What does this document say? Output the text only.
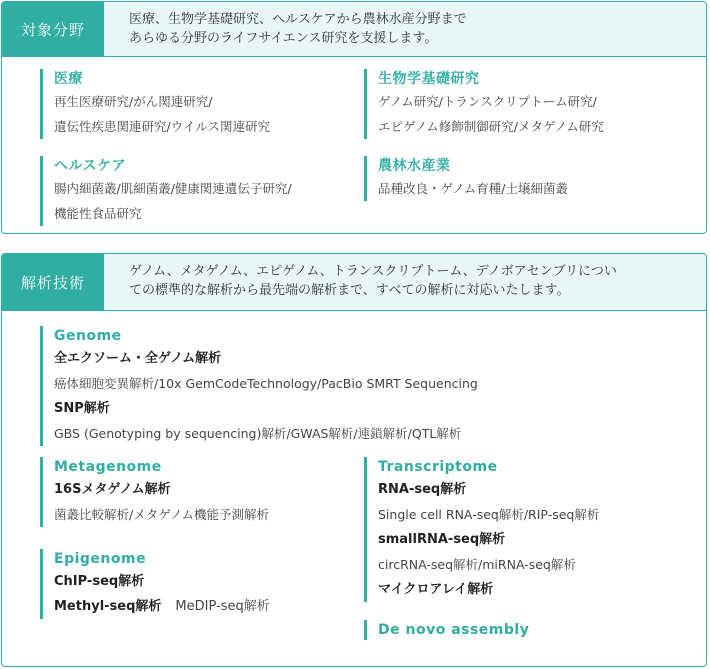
対象分野
医療、生物学基礎研究、ヘルスケアから農林水産分野まで
あらゆる分野のライフサイエンス研究を支援します。
医療
再生医療研究/がん関連研究/
遺伝性疾患関連研究/ウイルス関連研究
生物学基礎研究
ゲノム研究/トランスクリプトーム研究/
エピゲノム修飾制御研究/メタゲノム研究
ヘルスケア
腸内細菌叢/肌細菌叢/健康関連遺伝子研究/
機能性食品研究
農林水産業
品種改良・ゲノム育種/土壌細菌叢
解析技術
ゲノム、メタゲノム、エピゲノム、トランスクリプトーム、デノボアセンブリについ
ての標準的な解析から最先端の解析まで、すべての解析に対応いたします。
Genome
全エクソーム・全ゲノム解析
癌体細胞変異解析/10x GemCodeTechnology/PacBio SMRT Sequencing
SNP解析
GBS (Genotyping by sequencing)解析/GWAS解析/連鎖解析/QTL解析
Metagenome
16Sメタゲノム解析
菌叢比較解析/メタゲノム機能予測解析
Epigenome
ChIP-seq解析
Methyl-seq解析 MeDIP-seq解析
Transcriptome
RNA-seq解析
Single cell RNA-seq解析/RIP-seq解析
smallRNA-seq解析
circRNA-seq解析/miRNA-seq解析
マイクロアレイ解析
De novo assembly
